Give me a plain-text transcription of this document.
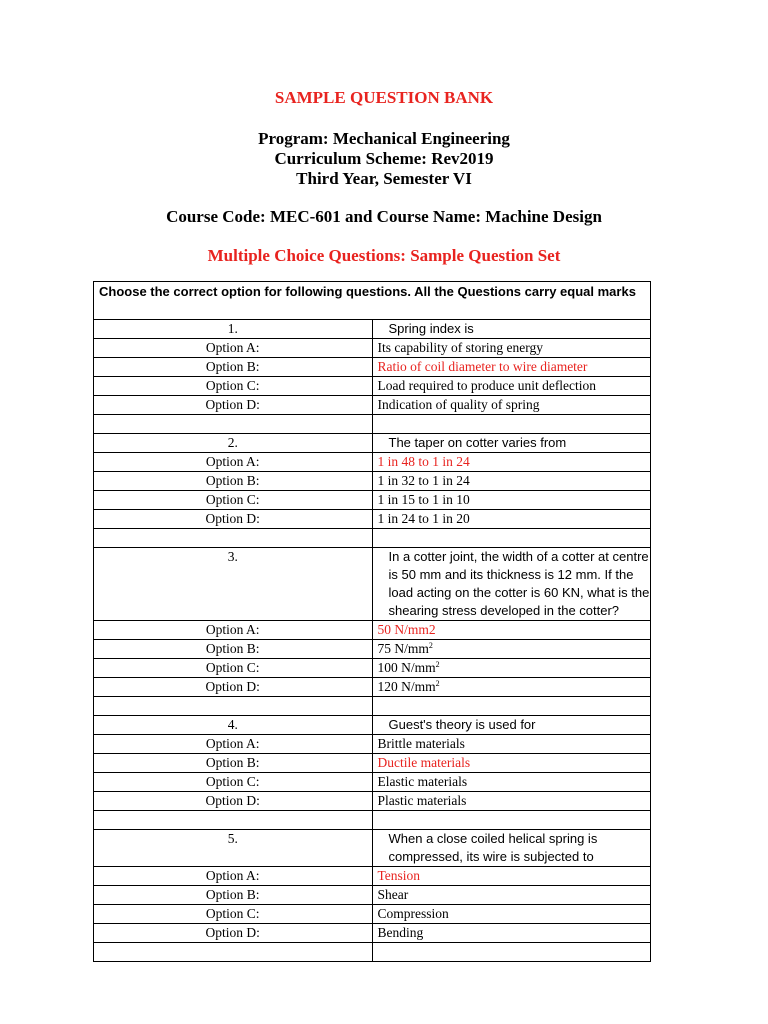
SAMPLE QUESTION BANK
Program: Mechanical Engineering
Curriculum Scheme: Rev2019
Third Year, Semester VI
Course Code: MEC-601 and Course Name: Machine Design
Multiple Choice Questions: Sample Question Set
Choose the correct option for following questions. All the Questions carry equal marks	
1.	Spring index is

Option A:	Its capability of storing energy
Option B:	Ratio of coil diameter to wire diameter
Option C:	Load required to produce unit deflection
Option D:	Indication of quality of spring

2.	The taper on cotter varies from

Option A:	1 in 48 to 1 in 24
Option B:	1 in 32 to 1 in 24
Option C:	1 in 15 to 1 in 10
Option D:	1 in 24 to 1 in 20

3.	In a cotter joint, the width of a cotter at centre is 50 mm and its thickness is 12 mm. If the load acting on the cotter is 60 KN, what is the shearing stress developed in the cotter?

Option A:	50 N/mm2
Option B:	75 $N/mm^2$
Option C:	100 $N/mm^2$
Option D:	120 $N/mm^2$

4.	Guest's theory is used for

Option A:	Brittle materials
Option B:	Ductile materials
Option C:	Elastic materials
Option D:	Plastic materials

5.	When a close coiled helical spring is compressed, its wire is subjected to

Option A:	Tension
Option B:	Shear
Option C:	Compression
Option D:	Bending
